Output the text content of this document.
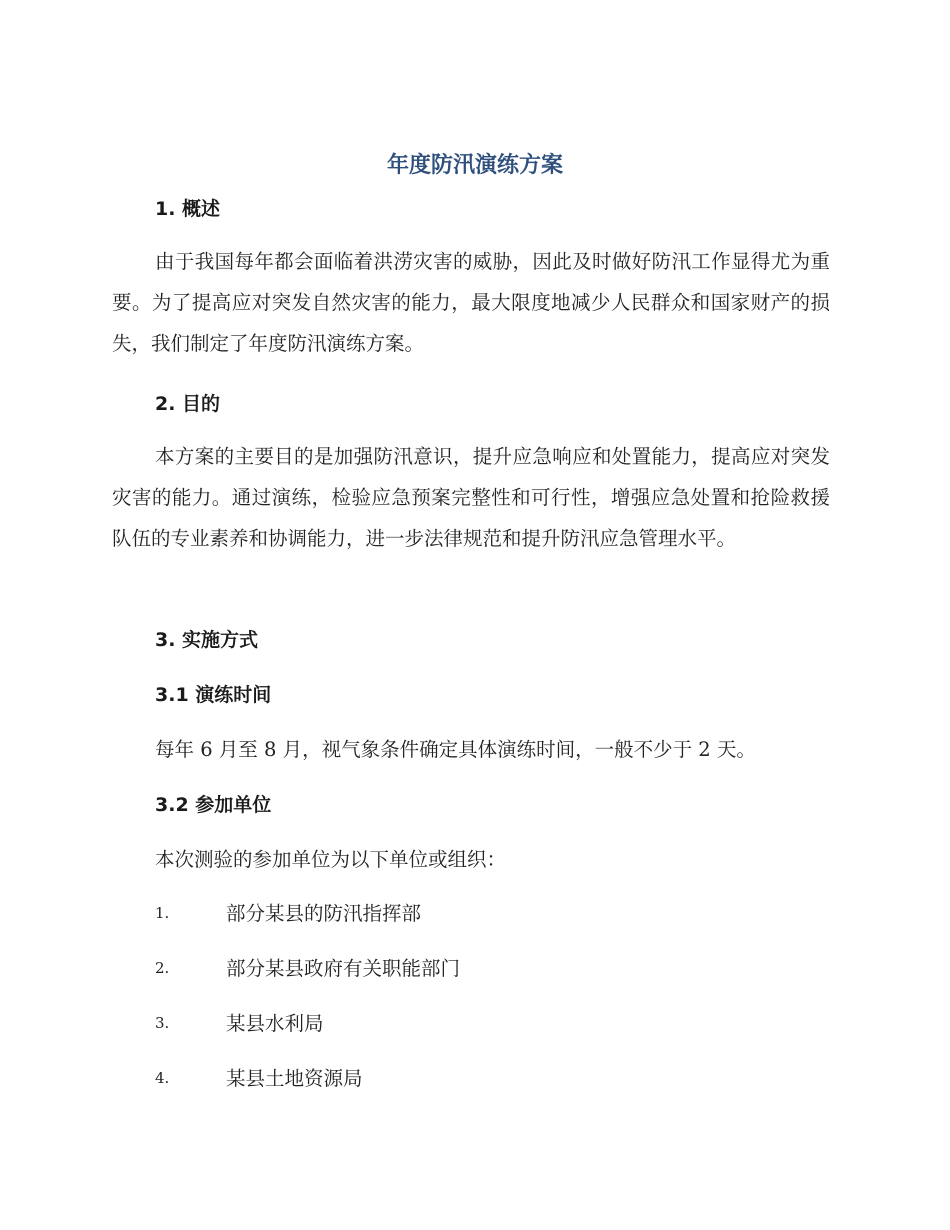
年度防汛演练方案
1. 概述

由于我国每年都会面临着洪涝灾害的威胁，因此及时做好防汛工作显得尤为重要。为了提高应对突发自然灾害的能力，最大限度地减少人民群众和国家财产的损失，我们制定了年度防汛演练方案。

2. 目的

本方案的主要目的是加强防汛意识，提升应急响应和处置能力，提高应对突发灾害的能力。通过演练，检验应急预案完整性和可行性，增强应急处置和抢险救援队伍的专业素养和协调能力，进一步法律规范和提升防汛应急管理水平。

3. 实施方式
3.1 演练时间
每年 6 月至 8 月，视气象条件确定具体演练时间，一般不少于 2 天。
3.2 参加单位
本次测验的参加单位为以下单位或组织：
1.	部分某县的防汛指挥部
2.	部分某县政府有关职能部门
3.	某县水利局
4.	某县土地资源局
